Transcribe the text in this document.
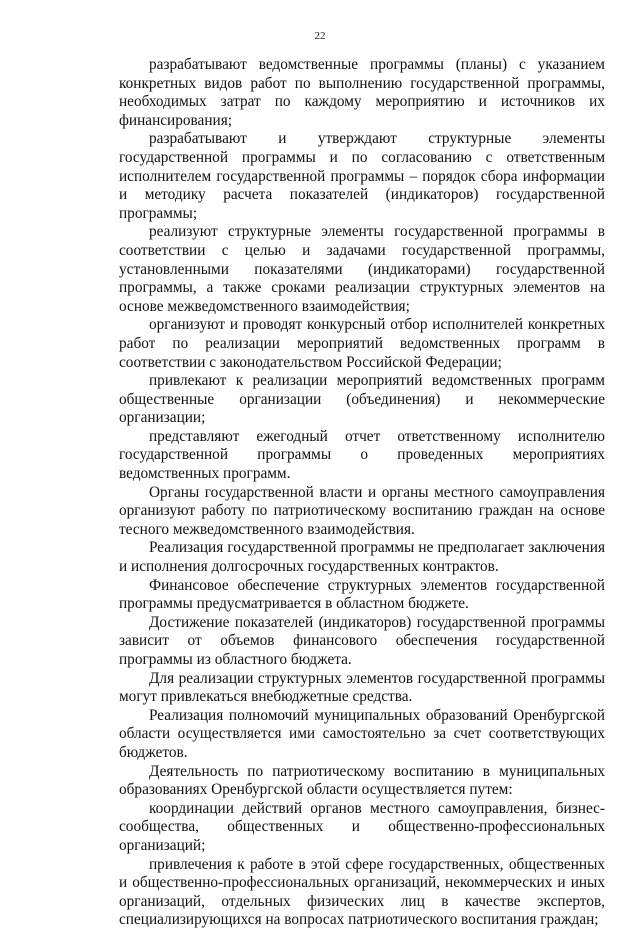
22

разрабатывают ведомственные программы (планы) с указанием конкретных видов работ по выполнению государственной программы, необходимых затрат по каждому мероприятию и источников их финансирования;

разрабатывают и утверждают структурные элементы государственной программы и по согласованию с ответственным исполнителем государственной программы – порядок сбора информации и методику расчета показателей (индикаторов) государственной программы;

реализуют структурные элементы государственной программы в соответствии с целью и задачами государственной программы, установленными показателями (индикаторами) государственной программы, а также сроками реализации структурных элементов на основе межведомственного взаимодействия;

организуют и проводят конкурсный отбор исполнителей конкретных работ по реализации мероприятий ведомственных программ в соответствии с законодательством Российской Федерации;

привлекают к реализации мероприятий ведомственных программ общественные организации (объединения) и некоммерческие организации;

представляют ежегодный отчет ответственному исполнителю государственной программы о проведенных мероприятиях ведомственных программ.

Органы государственной власти и органы местного самоуправления организуют работу по патриотическому воспитанию граждан на основе тесного межведомственного взаимодействия.

Реализация государственной программы не предполагает заключения и исполнения долгосрочных государственных контрактов.

Финансовое обеспечение структурных элементов государственной программы предусматривается в областном бюджете.

Достижение показателей (индикаторов) государственной программы зависит от объемов финансового обеспечения государственной программы из областного бюджета.

Для реализации структурных элементов государственной программы могут привлекаться внебюджетные средства.

Реализация полномочий муниципальных образований Оренбургской области осуществляется ими самостоятельно за счет соответствующих бюджетов.

Деятельность по патриотическому воспитанию в муниципальных образованиях Оренбургской области осуществляется путем:

координации действий органов местного самоуправления, бизнес-сообщества, общественных и общественно-профессиональных организаций;

привлечения к работе в этой сфере государственных, общественных и общественно-профессиональных организаций, некоммерческих и иных организаций, отдельных физических лиц в качестве экспертов, специализирующихся на вопросах патриотического воспитания граждан;
